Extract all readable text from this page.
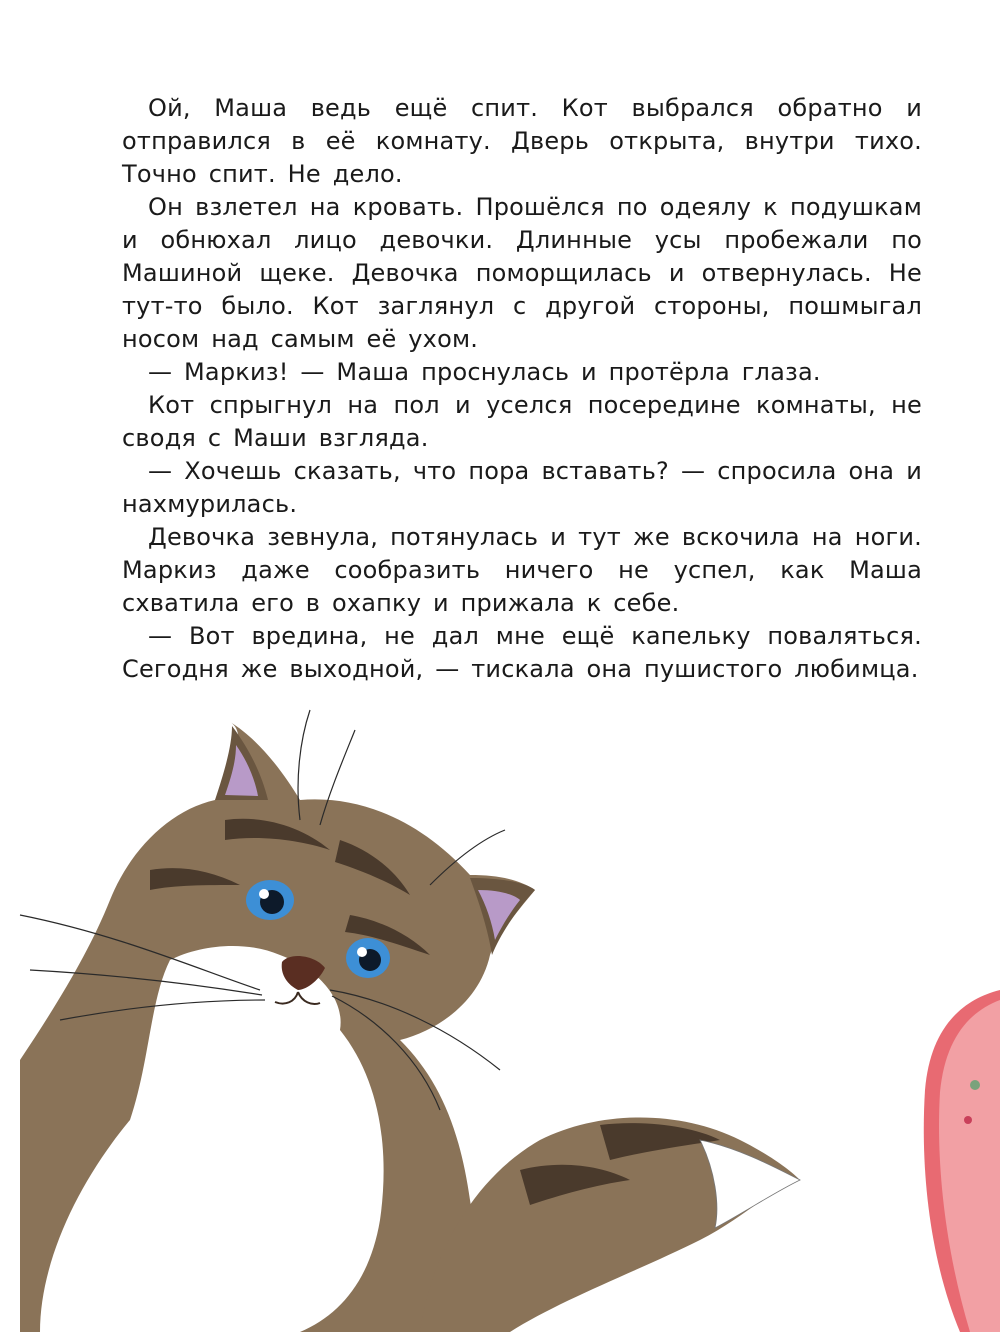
Ой, Маша ведь ещё спит. Кот выбрался обратно и отправился в её комнату. Дверь открыта, внутри тихо. Точно спит. Не дело.

Он взлетел на кровать. Прошёлся по одеялу к подушкам и обнюхал лицо девочки. Длинные усы пробежали по Машиной щеке. Девочка поморщилась и отвернулась. Не тут-то было. Кот заглянул с другой стороны, пошмыгал носом над самым её ухом.

— Маркиз! — Маша проснулась и протёрла глаза.

Кот спрыгнул на пол и уселся посередине комнаты, не сводя с Маши взгляда.

— Хочешь сказать, что пора вставать? — спросила она и нахмурилась.

Девочка зевнула, потянулась и тут же вскочила на ноги. Маркиз даже сообразить ничего не успел, как Маша схватила его в охапку и прижала к себе.

— Вот вредина, не дал мне ещё капельку поваляться. Сегодня же выходной, — тискала она пушистого любимца.
